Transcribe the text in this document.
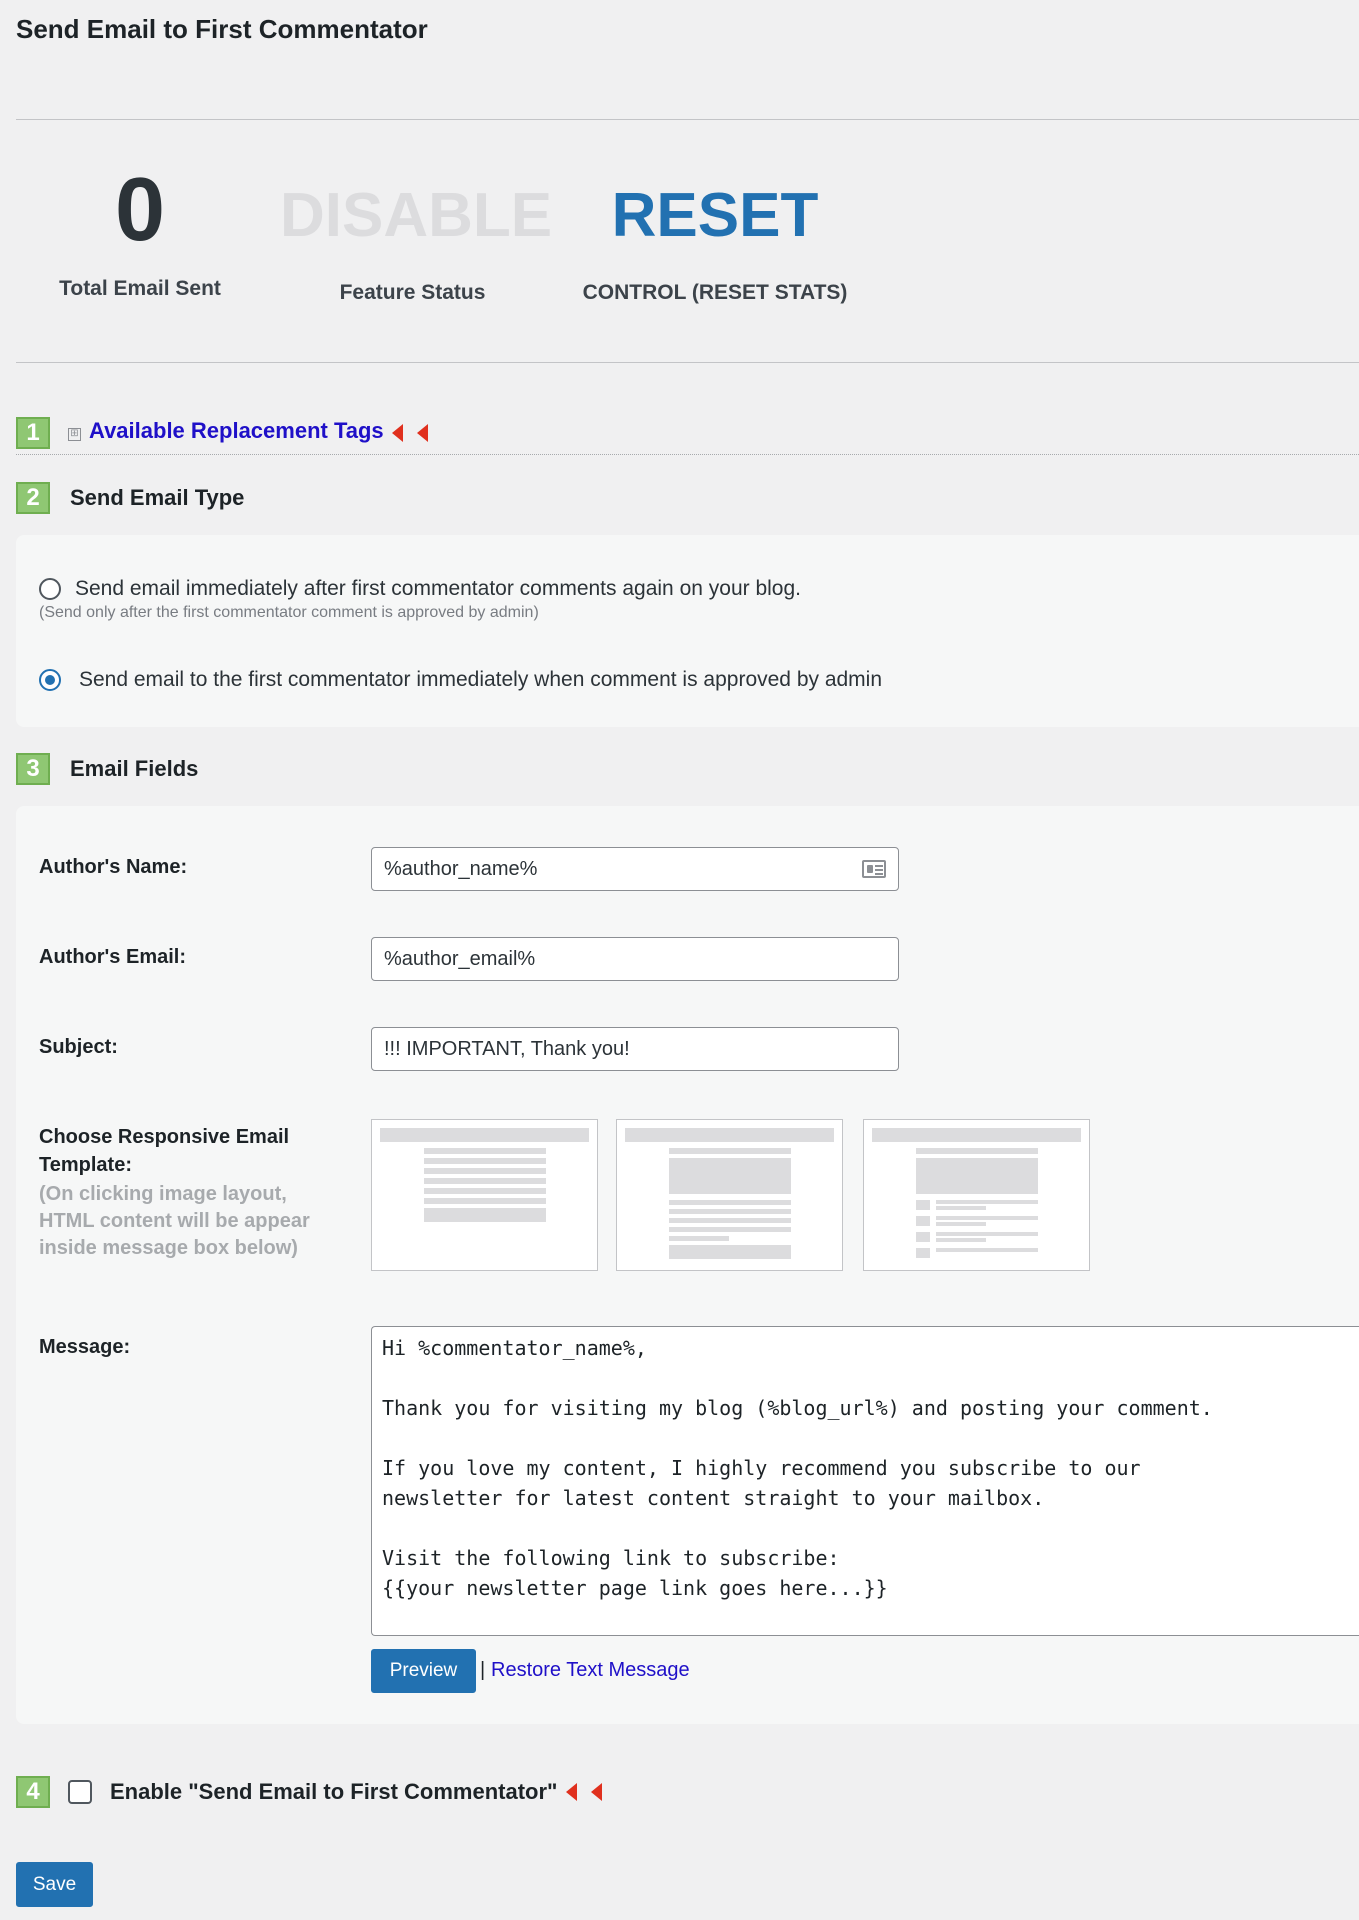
Send Email to First Commentator
0
Total Email Sent
DISABLE
Feature Status
RESET
CONTROL (RESET STATS)
1	⊞ Available Replacement Tags
2	Send Email Type
Send email immediately after first commentator comments again on your blog.
(Send only after the first commentator comment is approved by admin)
Send email to the first commentator immediately when comment is approved by admin
3	Email Fields
Author's Name:
%author_name%
Author's Email:
%author_email%
Subject:
!!! IMPORTANT, Thank you!
Choose Responsive Email
Template:
(On clicking image layout,
HTML content will be appear
inside message box below)
Message:
Hi %commentator_name%, Thank you for visiting my blog (%blog_url%) and posting your comment. If you love my content, I highly recommend you subscribe to our newsletter for latest content straight to your mailbox. Visit the following link to subscribe: {{your newsletter page link goes here...}}
Preview	| Restore Text Message
4	Enable "Send Email to First Commentator"
Save
